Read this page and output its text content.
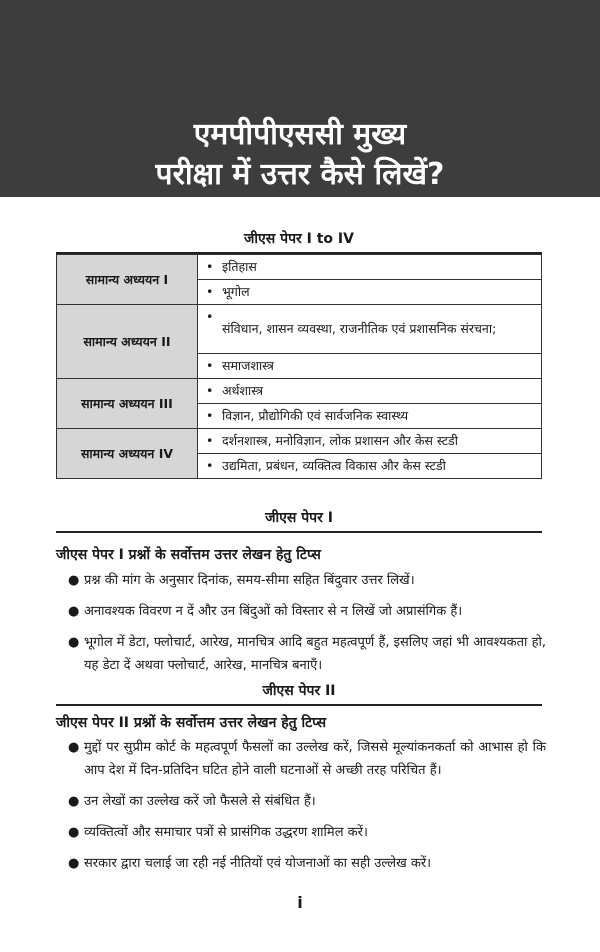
एमपीपीएससी मुख्य
परीक्षा में उत्तर कैसे लिखें?
जीएस पेपर I to IV
सामान्य अध्ययन I	• इतिहास

	• भूगोल
सामान्य अध्ययन II	•
संविधान, शासन व्यवस्था, राजनीतिक एवं प्रशासनिक संरचना;

	• समाजशास्त्र
सामान्य अध्ययन III	• अर्थशास्त्र

	• विज्ञान, प्रौद्योगिकी एवं सार्वजनिक स्वास्थ्य
सामान्य अध्ययन IV	• दर्शनशास्त्र, मनोविज्ञान, लोक प्रशासन और केस स्टडी

	• उद्यमिता, प्रबंधन, व्यक्तित्व विकास और केस स्टडी
जीएस पेपर I
जीएस पेपर I प्रश्नों के सर्वोत्तम उत्तर लेखन हेतु टिप्स
● प्रश्न की मांग के अनुसार दिनांक, समय-सीमा सहित बिंदुवार उत्तर लिखें।
● अनावश्यक विवरण न दें और उन बिंदुओं को विस्तार से न लिखें जो अप्रासंगिक हैं।
● भूगोल में डेटा, फ्लोचार्ट, आरेख, मानचित्र आदि बहुत महत्वपूर्ण हैं, इसलिए जहां भी आवश्यकता हो, यह डेटा दें अथवा फ्लोचार्ट, आरेख, मानचित्र बनाएँ।
जीएस पेपर II
जीएस पेपर II प्रश्नों के सर्वोत्तम उत्तर लेखन हेतु टिप्स
● मुद्दों पर सुप्रीम कोर्ट के महत्वपूर्ण फैसलों का उल्लेख करें, जिससे मूल्यांकनकर्ता को आभास हो कि आप देश में दिन-प्रतिदिन घटित होने वाली घटनाओं से अच्छी तरह परिचित हैं।
● उन लेखों का उल्लेख करें जो फैसले से संबंधित हैं।
● व्यक्तित्वों और समाचार पत्रों से प्रासंगिक उद्धरण शामिल करें।
● सरकार द्वारा चलाई जा रही नई नीतियों एवं योजनाओं का सही उल्लेख करें।
i
